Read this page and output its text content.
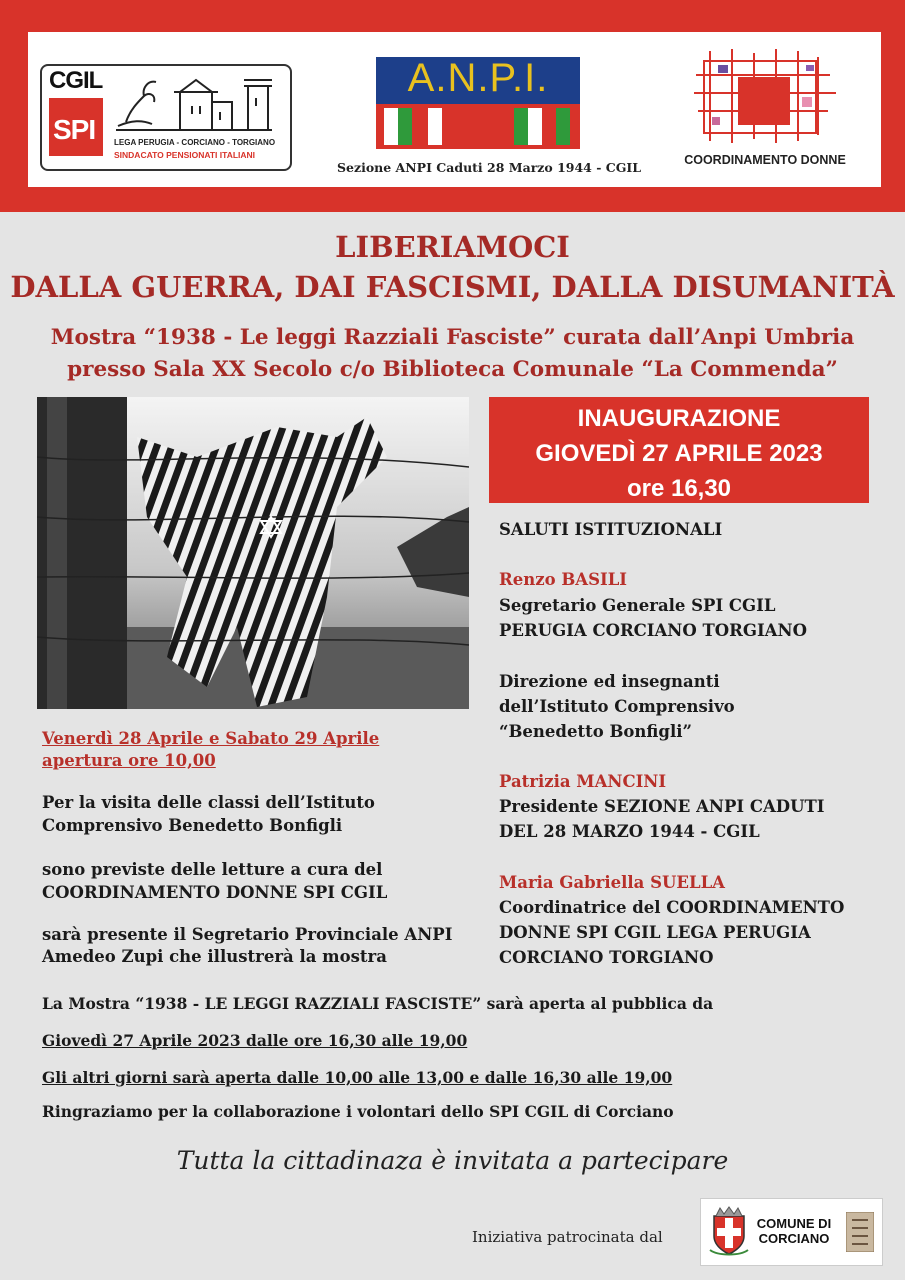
CGIL
SPI LEGA PERUGIA - CORCIANO - TORGIANO
SINDACATO PENSIONATI ITALIANI
A.N.P.I.
Sezione ANPI Caduti 28 Marzo 1944 - CGIL	COORDINAMENTO DONNE
LIBERIAMOCI
DALLA GUERRA, DAI FASCISMI, DALLA DISUMANITÀ
Mostra “1938 - Le leggi Razziali Fasciste” curata dall’Anpi Umbria
presso Sala XX Secolo c/o Biblioteca Comunale “La Commenda”
INAUGURAZIONE
GIOVEDÌ 27 APRILE 2023
ore 16,30
SALUTI ISTITUZIONALI
Renzo BASILI
Segretario Generale SPI CGIL
PERUGIA CORCIANO TORGIANO
Direzione ed insegnanti
dell’Istituto Comprensivo
“Benedetto Bonfigli”
Patrizia MANCINI
Presidente SEZIONE ANPI CADUTI
DEL 28 MARZO 1944 - CGIL
Maria Gabriella SUELLA
Coordinatrice del COORDINAMENTO
DONNE SPI CGIL LEGA PERUGIA
CORCIANO TORGIANO
Venerdì 28 Aprile e Sabato 29 Aprile
apertura ore 10,00
Per la visita delle classi dell’Istituto
Comprensivo Benedetto Bonfigli
sono previste delle letture a cura del
COORDINAMENTO DONNE SPI CGIL
sarà presente il Segretario Provinciale ANPI
Amedeo Zupi che illustrerà la mostra
La Mostra “1938 - LE LEGGI RAZZIALI FASCISTE” sarà aperta al pubblica da
Giovedì 27 Aprile 2023 dalle ore 16,30 alle 19,00
Gli altri giorni sarà aperta dalle 10,00 alle 13,00 e dalle 16,30 alle 19,00
Ringraziamo per la collaborazione i volontari dello SPI CGIL di Corciano
Tutta la cittadinaza è invitata a partecipare
Iniziativa patrocinata dal
COMUNE DI
CORCIANO
